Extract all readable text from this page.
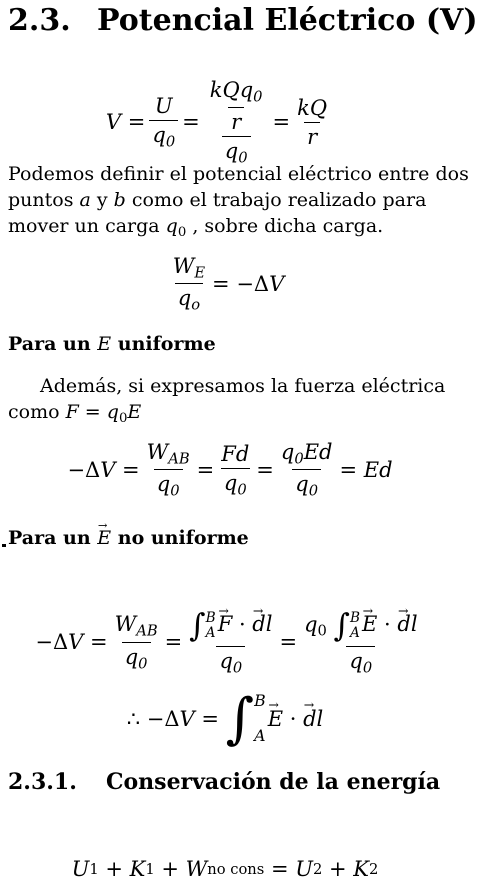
2.3. Potencial Eléctrico (V)
$V = \frac{U}{q_0} = \frac{\frac{kQq_0}{r}}{q_0} = \frac{kQ}{r}$
Podemos definir el potencial eléctrico entre dos
puntos a y b como el trabajo realizado para
mover un carga $q_0$ , sobre dicha carga.
$\frac{W_E}{q_o} = -\Delta$ V
Para un E uniforme
Además, si expresamos la fuerza eléctrica
como $F = q_0E$
−Δ $V = \frac{W_{AB}}{q_0} = \frac{Fd}{q_0} = \frac{q_0Ed}{q_0} = Ed$
Para un → E no uniforme
−Δ $V = \frac{W_{AB}}{q_0}$ = ∫ B
A → F · → dl
$q_0 = q_0$ ∫ B
A → E · → dl
$q_0$
∴ −Δ V = ∫ B
A
→ E · → dl
2.3.1. Conservación de la energía
U 1 + K 1 + W no cons = U 2 + K 2
